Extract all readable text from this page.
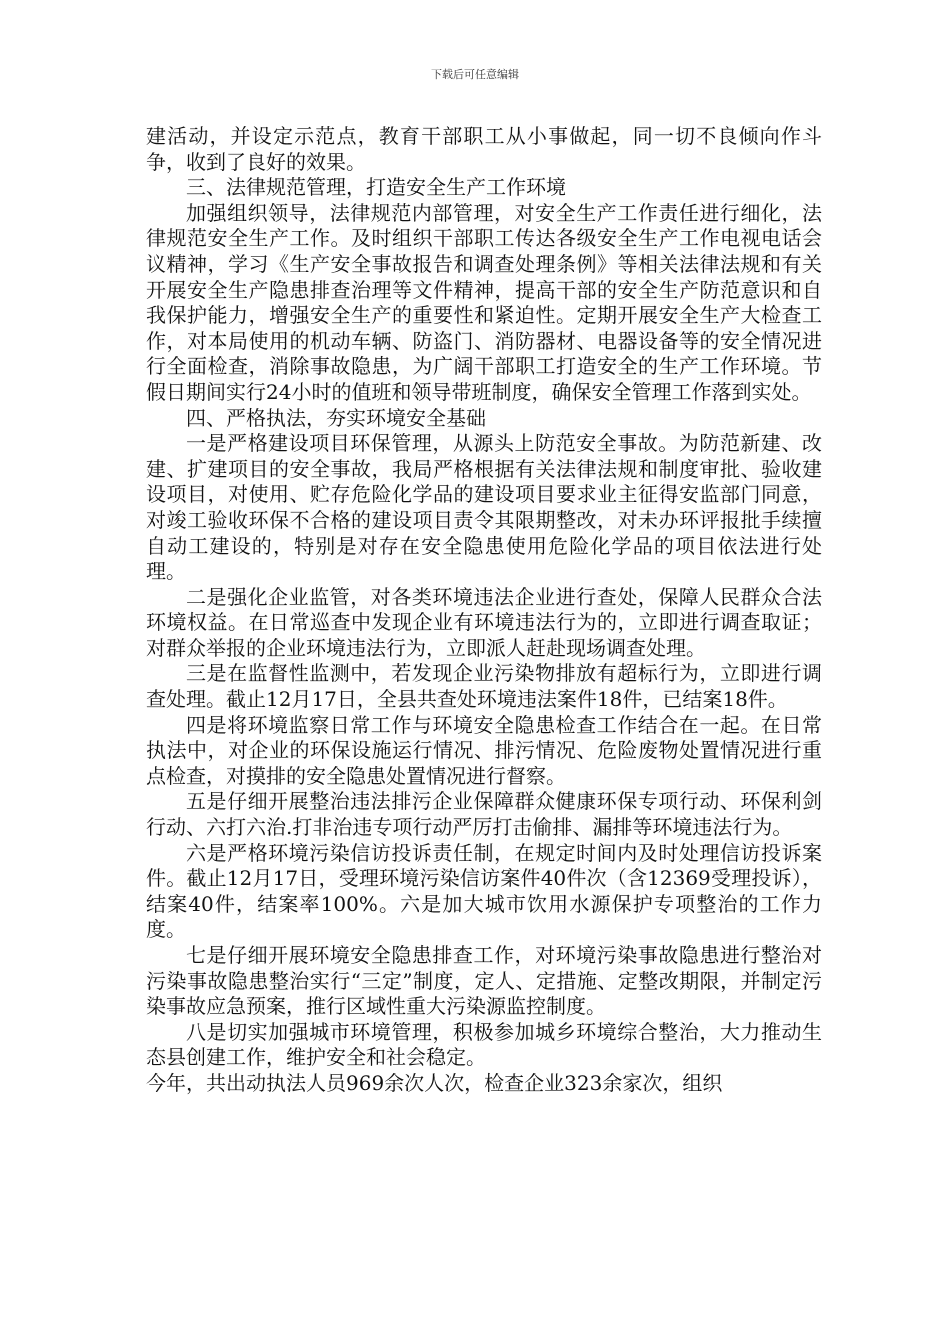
下载后可任意编辑

建活动，并设定示范点，教育干部职工从小事做起，同一切不良倾向作斗争，收到了良好的效果。

三、法律规范管理，打造安全生产工作环境

加强组织领导，法律规范内部管理，对安全生产工作责任进行细化，法律规范安全生产工作。及时组织干部职工传达各级安全生产工作电视电话会议精神，学习《生产安全事故报告和调查处理条例》等相关法律法规和有关开展安全生产隐患排查治理等文件精神，提高干部的安全生产防范意识和自我保护能力，增强安全生产的重要性和紧迫性。定期开展安全生产大检查工作，对本局使用的机动车辆、防盗门、消防器材、电器设备等的安全情况进行全面检查，消除事故隐患，为广阔干部职工打造安全的生产工作环境。节假日期间实行24小时的值班和领导带班制度，确保安全管理工作落到实处。

四、严格执法，夯实环境安全基础

一是严格建设项目环保管理，从源头上防范安全事故。为防范新建、改建、扩建项目的安全事故，我局严格根据有关法律法规和制度审批、验收建设项目，对使用、贮存危险化学品的建设项目要求业主征得安监部门同意，对竣工验收环保不合格的建设项目责令其限期整改，对未办环评报批手续擅自动工建设的，特别是对存在安全隐患使用危险化学品的项目依法进行处理。

二是强化企业监管，对各类环境违法企业进行查处，保障人民群众合法环境权益。在日常巡查中发现企业有环境违法行为的，立即进行调查取证；对群众举报的企业环境违法行为，立即派人赶赴现场调查处理。

三是在监督性监测中，若发现企业污染物排放有超标行为，立即进行调查处理。截止12月17日，全县共查处环境违法案件18件，已结案18件。

四是将环境监察日常工作与环境安全隐患检查工作结合在一起。在日常执法中，对企业的环保设施运行情况、排污情况、危险废物处置情况进行重点检查，对摸排的安全隐患处置情况进行督察。

五是仔细开展整治违法排污企业保障群众健康环保专项行动、环保利剑行动、六打六治.打非治违专项行动严厉打击偷排、漏排等环境违法行为。

六是严格环境污染信访投诉责任制，在规定时间内及时处理信访投诉案件。截止12月17日，受理环境污染信访案件40件次（含12369受理投诉），结案40件，结案率100%。六是加大城市饮用水源保护专项整治的工作力度。

七是仔细开展环境安全隐患排查工作，对环境污染事故隐患进行整治对污染事故隐患整治实行“三定”制度，定人、定措施、定整改期限，并制定污染事故应急预案，推行区域性重大污染源监控制度。

八是切实加强城市环境管理，积极参加城乡环境综合整治，大力推动生态县创建工作，维护安全和社会稳定。

今年，共出动执法人员969余次人次，检查企业323余家次，组织
